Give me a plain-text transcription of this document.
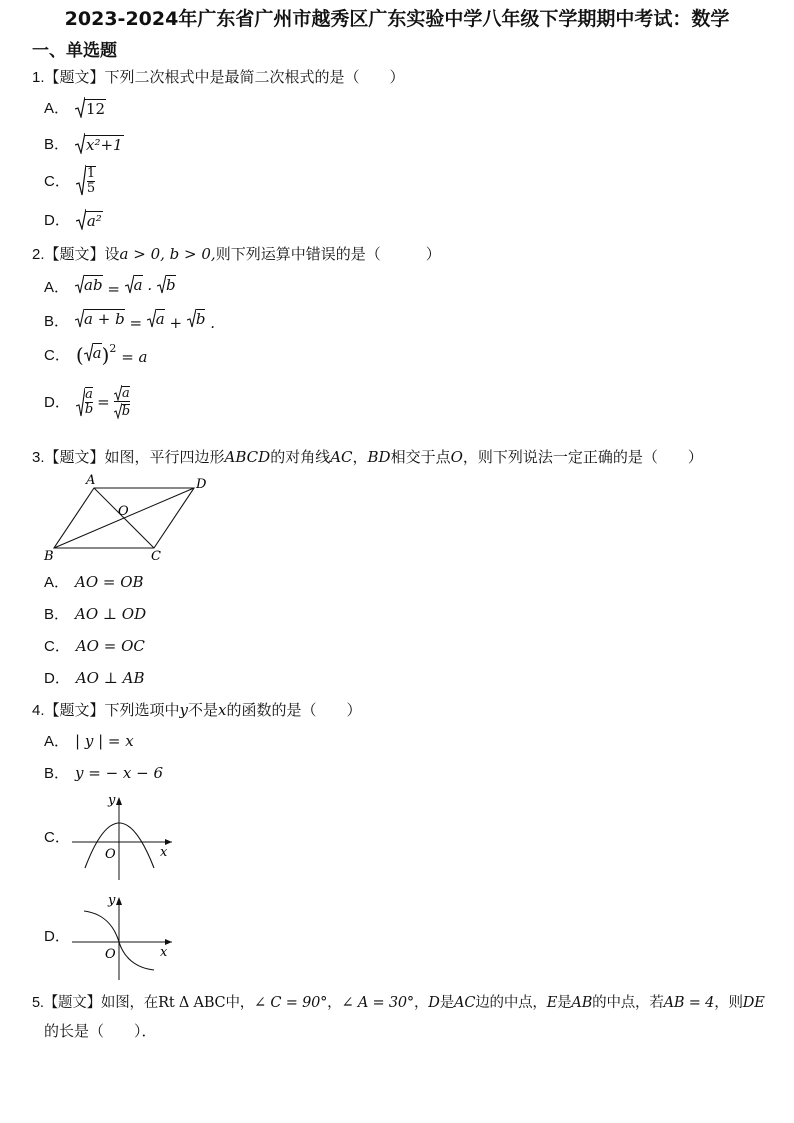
2023-2024年广东省广州市越秀区广东实验中学八年级下学期期中考试：数学
一、单选题
1.【题文】下列二次根式中是最简二次根式的是（　　）
A． 12
B． x²+1
C． $\frac{1}{5}$
D． a²
2.【题文】设a > 0, b > 0,则下列运算中错误的是（　　　）
A． ab = a · b
B． a + b = a + b .
C． ( a )$^2$ = a
D． $\frac{a}{b} = \frac{a}{b}$
3.【题文】如图，平行四边形ABCD的对角线AC，BD相交于点O，则下列说法一定正确的是（　　）
A	D
O
B	C
A． AO = OB
B． AO ⊥ OD
C． AO = OC
D． AO ⊥ AB
4.【题文】下列选项中y不是x的函数的是（　　）
A． | y | = x
B． y = − x − 6
C．
y
x
O
D．
y
x
O
5.【题文】如图，在Rt Δ ABC中，∠ C = 90°，∠ A = 30°，D是AC边的中点，E是AB的中点，若AB = 4，则DE
的长是（　　）．
